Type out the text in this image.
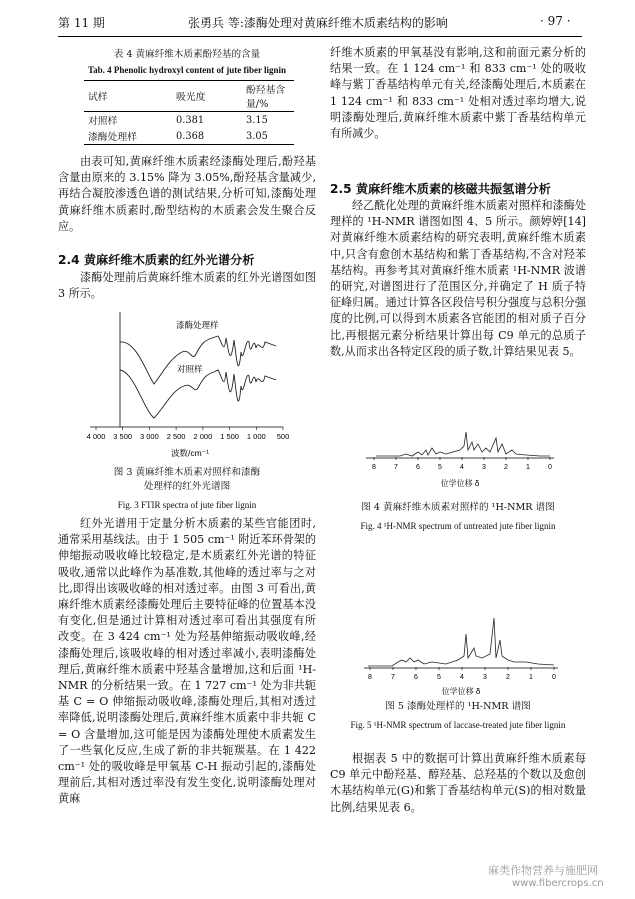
第 11 期	张勇兵 等:漆酶处理对黄麻纤维木质素结构的影响	· 97 ·
表 4 黄麻纤维木质素酚羟基的含量
Tab. 4 Phenolic hydroxyl content of jute fiber lignin
试样	吸光度	酚羟基含量/%
对照样	0.381	3.15
漆酶处理样	0.368	3.05
由表可知,黄麻纤维木质素经漆酶处理后,酚羟基含量由原来的 3.15% 降为 3.05%,酚羟基含量减少,再结合凝胶渗透色谱的测试结果,分析可知,漆酶处理黄麻纤维木质素时,酚型结构的木质素会发生聚合反应。
2.4 黄麻纤维木质素的红外光谱分析
漆酶处理前后黄麻纤维木质素的红外光谱图如图 3 所示。
漆酶处理样
对照样
4 000 3 500 3 000 2 500 2 000 1 500 1 000 500
波数/cm⁻¹
图 3 黄麻纤维木质素对照样和漆酶
处理样的红外光谱图
Fig. 3 FTIR spectra of jute fiber lignin
红外光谱用于定量分析木质素的某些官能团时,通常采用基线法。由于 1 505 cm⁻¹ 附近苯环骨架的伸缩振动吸收峰比较稳定,是木质素红外光谱的特征吸收,通常以此峰作为基准数,其他峰的透过率与之对比,即得出该吸收峰的相对透过率。由图 3 可看出,黄麻纤维木质素经漆酶处理后主要特征峰的位置基本没有变化,但是通过计算相对透过率可看出其强度有所改变。在 3 424 cm⁻¹ 处为羟基伸缩振动吸收峰,经漆酶处理后,该吸收峰的相对透过率减小,表明漆酶处理后,黄麻纤维木质素中羟基含量增加,这和后面 ¹H-NMR 的分析结果一致。在 1 727 cm⁻¹ 处为非共轭基 C = O 伸缩振动吸收峰,漆酶处理后,其相对透过率降低,说明漆酶处理后,黄麻纤维木质素中非共轭 C = O 含量增加,这可能是因为漆酶处理使木质素发生了一些氧化反应,生成了新的非共轭羰基。在 1 422 cm⁻¹ 处的吸收峰是甲氧基 C-H 振动引起的,漆酶处理前后,其相对透过率没有发生变化,说明漆酶处理对黄麻
纤维木质素的甲氧基没有影响,这和前面元素分析的结果一致。在 1 124 cm⁻¹ 和 833 cm⁻¹ 处的吸收峰与紫丁香基结构单元有关,经漆酶处理后,木质素在 1 124 cm⁻¹ 和 833 cm⁻¹ 处相对透过率均增大,说明漆酶处理后,黄麻纤维木质素中紫丁香基结构单元有所减少。
2.5 黄麻纤维木质素的核磁共振氢谱分析
经乙酰化处理的黄麻纤维木质素对照样和漆酶处理样的 ¹H-NMR 谱图如图 4、5 所示。颜婷婷[14] 对黄麻纤维木质素结构的研究表明,黄麻纤维木质素中,只含有愈创木基结构和紫丁香基结构,不含对羟苯基结构。再参考其对黄麻纤维木质素 ¹H-NMR 波谱的研究,对谱图进行了范围区分,并确定了 H 质子特征峰归属。通过计算各区段信号积分强度与总积分强度的比例,可以得到木质素各官能团的相对质子百分比,再根据元素分析结果计算出每 C9 单元的总质子数,从而求出各特定区段的质子数,计算结果见表 5。
8	7	6	5	4	3	2	1	0
位学位移 δ
图 4 黄麻纤维木质素对照样的 ¹H-NMR 谱图
Fig. 4 ¹H-NMR spectrum of untreated jute fiber lignin
8	7	6	5	4	3	2	1	0
位学位移 δ
图 5 漆酶处理样的 ¹H-NMR 谱图
Fig. 5 ¹H-NMR spectrum of laccase-treated jute fiber lignin
根据表 5 中的数据可计算出黄麻纤维木质素每 C9 单元中酚羟基、醇羟基、总羟基的个数以及愈创木基结构单元(G)和紫丁香基结构单元(S)的相对数量比例,结果见表 6。
麻类作物营养与施肥网
www.fibercrops.cn
